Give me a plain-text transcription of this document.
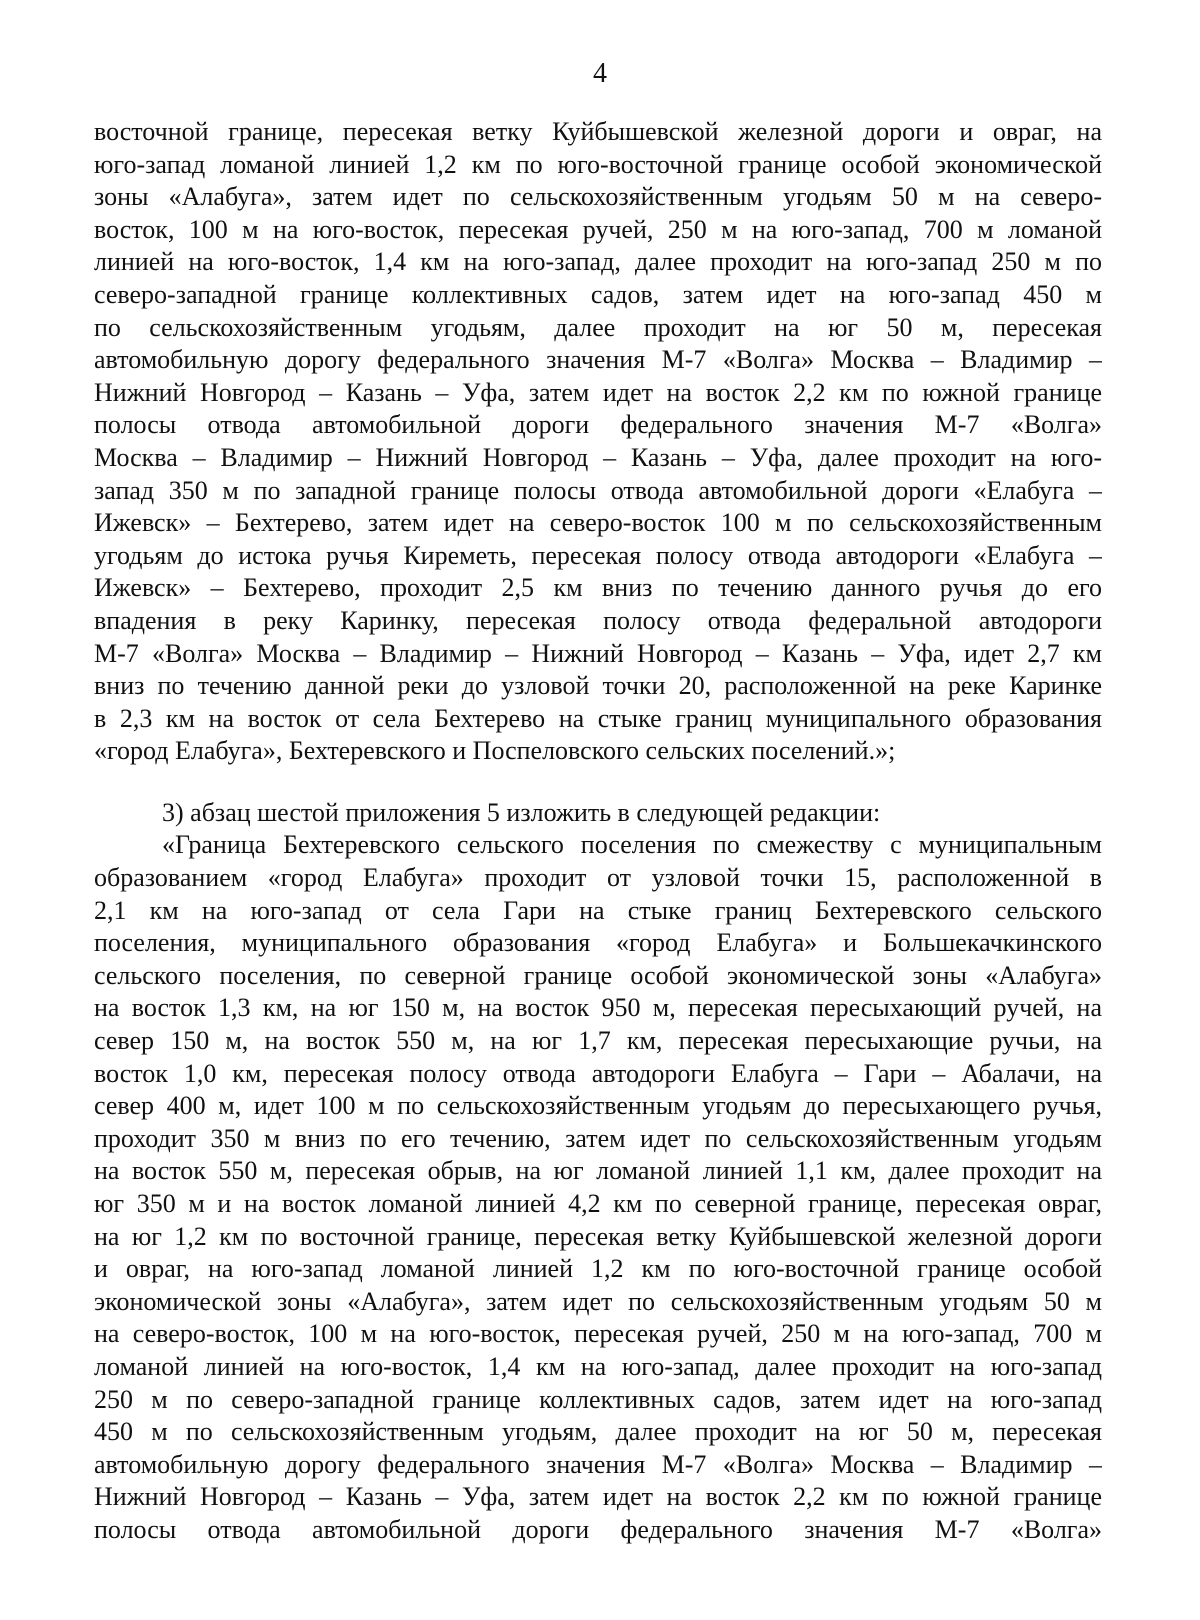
4
восточной границе, пересекая ветку Куйбышевской железной дороги и овраг, на
юго-запад ломаной линией 1,2 км по юго-восточной границе особой экономической
зоны «Алабуга», затем идет по сельскохозяйственным угодьям 50 м на северо-
восток, 100 м на юго-восток, пересекая ручей, 250 м на юго-запад, 700 м ломаной
линией на юго-восток, 1,4 км на юго-запад, далее проходит на юго-запад 250 м по
северо-западной границе коллективных садов, затем идет на юго-запад 450 м
по сельскохозяйственным угодьям, далее проходит на юг 50 м, пересекая
автомобильную дорогу федерального значения М-7 «Волга» Москва – Владимир –
Нижний Новгород – Казань – Уфа, затем идет на восток 2,2 км по южной границе
полосы отвода автомобильной дороги федерального значения М-7 «Волга»
Москва – Владимир – Нижний Новгород – Казань – Уфа, далее проходит на юго-
запад 350 м по западной границе полосы отвода автомобильной дороги «Елабуга –
Ижевск» – Бехтерево, затем идет на северо-восток 100 м по сельскохозяйственным
угодьям до истока ручья Киреметь, пересекая полосу отвода автодороги «Елабуга –
Ижевск» – Бехтерево, проходит 2,5 км вниз по течению данного ручья до его
впадения в реку Каринку, пересекая полосу отвода федеральной автодороги
М-7 «Волга» Москва – Владимир – Нижний Новгород – Казань – Уфа, идет 2,7 км
вниз по течению данной реки до узловой точки 20, расположенной на реке Каринке
в 2,3 км на восток от села Бехтерево на стыке границ муниципального образования
«город Елабуга», Бехтеревского и Поспеловского сельских поселений.»;
3) абзац шестой приложения 5 изложить в следующей редакции:
«Граница Бехтеревского сельского поселения по смежеству с муниципальным
образованием «город Елабуга» проходит от узловой точки 15, расположенной в
2,1 км на юго-запад от села Гари на стыке границ Бехтеревского сельского
поселения, муниципального образования «город Елабуга» и Большекачкинского
сельского поселения, по северной границе особой экономической зоны «Алабуга»
на восток 1,3 км, на юг 150 м, на восток 950 м, пересекая пересыхающий ручей, на
север 150 м, на восток 550 м, на юг 1,7 км, пересекая пересыхающие ручьи, на
восток 1,0 км, пересекая полосу отвода автодороги Елабуга – Гари – Абалачи, на
север 400 м, идет 100 м по сельскохозяйственным угодьям до пересыхающего ручья,
проходит 350 м вниз по его течению, затем идет по сельскохозяйственным угодьям
на восток 550 м, пересекая обрыв, на юг ломаной линией 1,1 км, далее проходит на
юг 350 м и на восток ломаной линией 4,2 км по северной границе, пересекая овраг,
на юг 1,2 км по восточной границе, пересекая ветку Куйбышевской железной дороги
и овраг, на юго-запад ломаной линией 1,2 км по юго-восточной границе особой
экономической зоны «Алабуга», затем идет по сельскохозяйственным угодьям 50 м
на северо-восток, 100 м на юго-восток, пересекая ручей, 250 м на юго-запад, 700 м
ломаной линией на юго-восток, 1,4 км на юго-запад, далее проходит на юго-запад
250 м по северо-западной границе коллективных садов, затем идет на юго-запад
450 м по сельскохозяйственным угодьям, далее проходит на юг 50 м, пересекая
автомобильную дорогу федерального значения М-7 «Волга» Москва – Владимир –
Нижний Новгород – Казань – Уфа, затем идет на восток 2,2 км по южной границе
полосы отвода автомобильной дороги федерального значения М-7 «Волга»
